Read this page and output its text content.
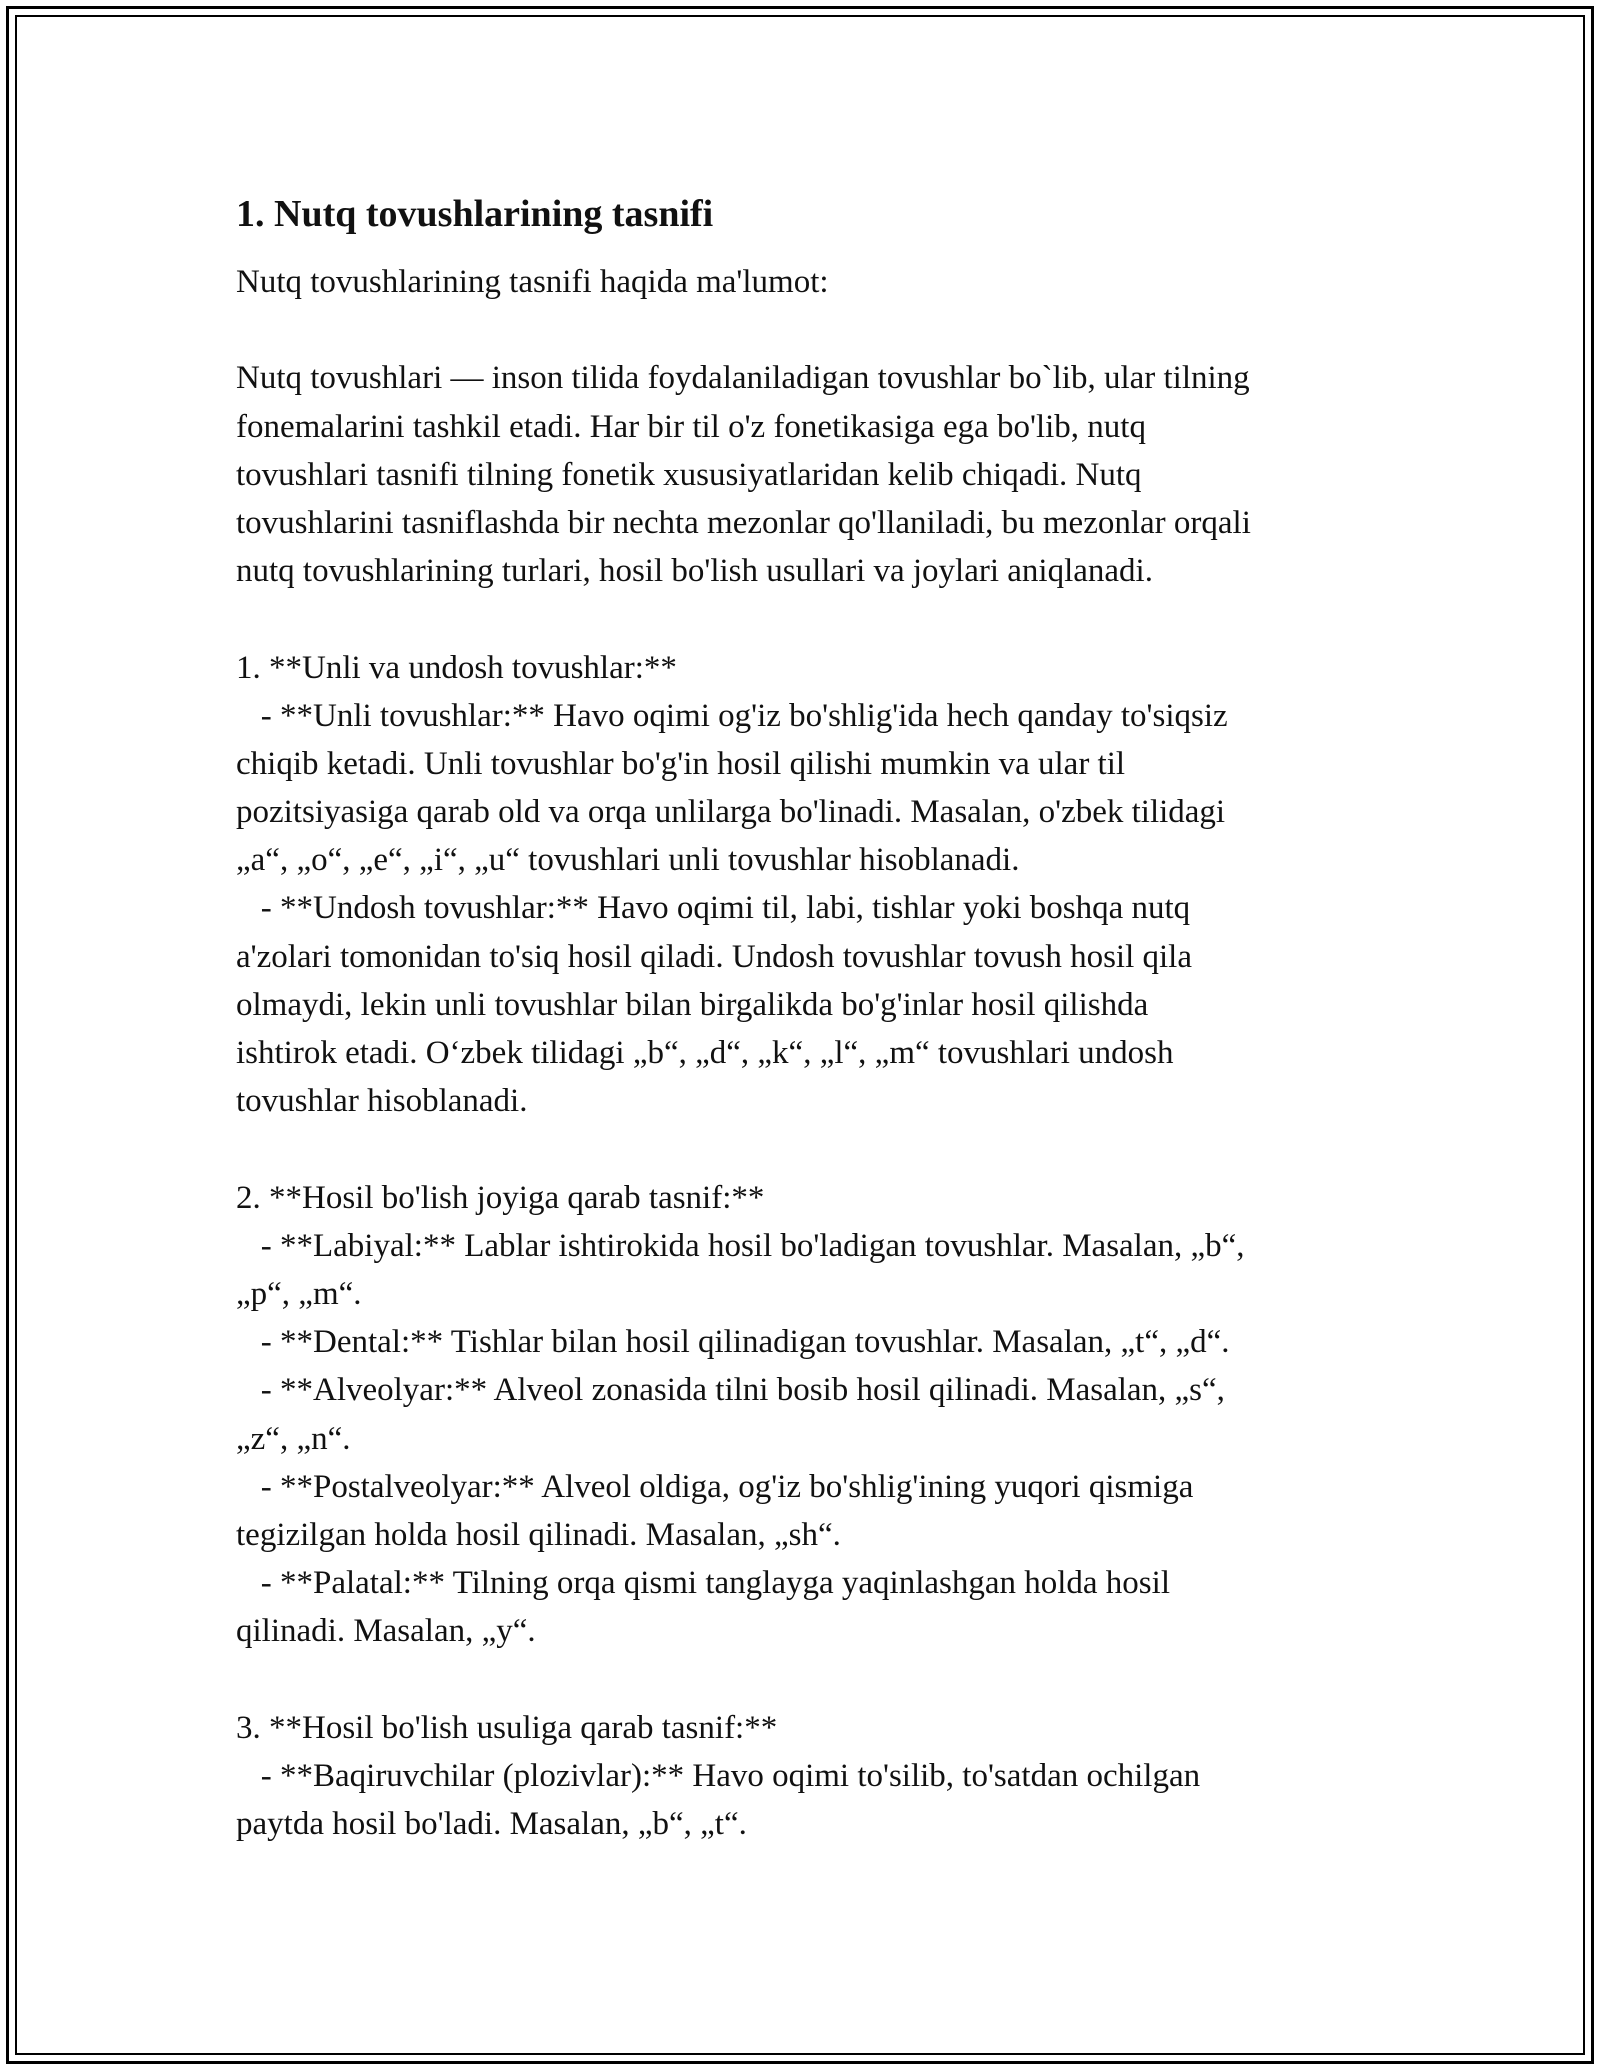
1. Nutq tovushlarining tasnifi
Nutq tovushlarining tasnifi haqida ma'lumot:
Nutq tovushlari — inson tilida foydalaniladigan tovushlar bo`lib, ular tilning
fonemalarini tashkil etadi. Har bir til o'z fonetikasiga ega bo'lib, nutq
tovushlari tasnifi tilning fonetik xususiyatlaridan kelib chiqadi. Nutq
tovushlarini tasniflashda bir nechta mezonlar qo'llaniladi, bu mezonlar orqali
nutq tovushlarining turlari, hosil bo'lish usullari va joylari aniqlanadi.
1. **Unli va undosh tovushlar:**
- **Unli tovushlar:** Havo oqimi og'iz bo'shlig'ida hech qanday to'siqsiz
chiqib ketadi. Unli tovushlar bo'g'in hosil qilishi mumkin va ular til
pozitsiyasiga qarab old va orqa unlilarga bo'linadi. Masalan, o'zbek tilidagi
„a“, „o“, „e“, „i“, „u“ tovushlari unli tovushlar hisoblanadi.
- **Undosh tovushlar:** Havo oqimi til, labi, tishlar yoki boshqa nutq
a'zolari tomonidan to'siq hosil qiladi. Undosh tovushlar tovush hosil qila
olmaydi, lekin unli tovushlar bilan birgalikda bo'g'inlar hosil qilishda
ishtirok etadi. O‘zbek tilidagi „b“, „d“, „k“, „l“, „m“ tovushlari undosh
tovushlar hisoblanadi.
2. **Hosil bo'lish joyiga qarab tasnif:**
- **Labiyal:** Lablar ishtirokida hosil bo'ladigan tovushlar. Masalan, „b“,
„p“, „m“.
- **Dental:** Tishlar bilan hosil qilinadigan tovushlar. Masalan, „t“, „d“.
- **Alveolyar:** Alveol zonasida tilni bosib hosil qilinadi. Masalan, „s“,
„z“, „n“.
- **Postalveolyar:** Alveol oldiga, og'iz bo'shlig'ining yuqori qismiga
tegizilgan holda hosil qilinadi. Masalan, „sh“.
- **Palatal:** Tilning orqa qismi tanglayga yaqinlashgan holda hosil
qilinadi. Masalan, „y“.
3. **Hosil bo'lish usuliga qarab tasnif:**
- **Baqiruvchilar (plozivlar):** Havo oqimi to'silib, to'satdan ochilgan
paytda hosil bo'ladi. Masalan, „b“, „t“.
